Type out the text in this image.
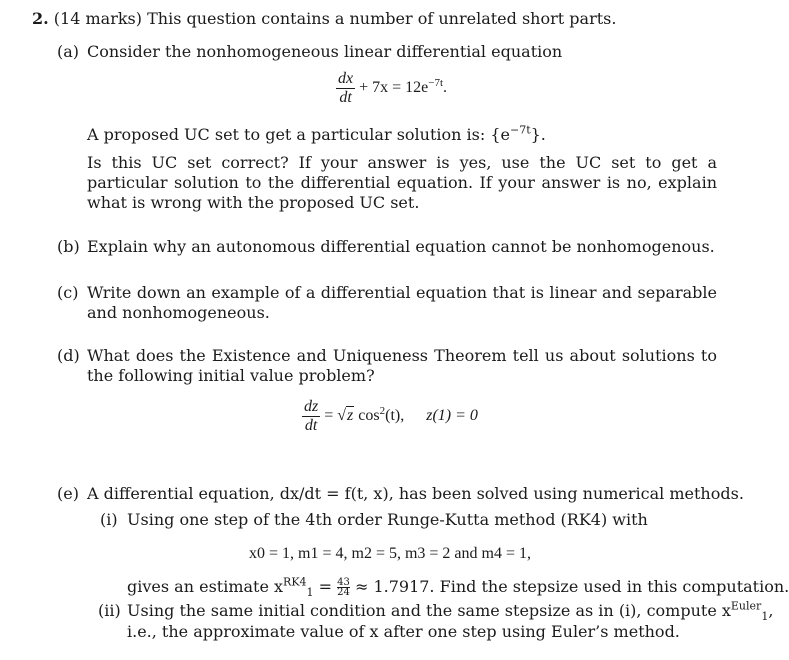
2. (14 marks) This question contains a number of unrelated short parts.
(a) Consider the nonhomogeneous linear differential equation
$\frac{dx}{dt} + 7x = 12e^{-7t}$.
A proposed UC set to get a particular solution is: $\{e^{-7t}\}$.
Is this UC set correct? If your answer is yes, use the UC set to get a particular solution to the differential equation. If your answer is no, explain what is wrong with the proposed UC set.
(b) Explain why an autonomous differential equation cannot be nonhomogenous.
(c) Write down an example of a differential equation that is linear and separable and nonhomogeneous.
(d) What does the Existence and Uniqueness Theorem tell us about solutions to the following initial value problem?
$\frac{dz}{dt} = √z$ $\cos^2(t)$, z(1) = 0
(e) A differential equation, dx/dt = f(t, x), has been solved using numerical methods.
(i) Using one step of the 4th order Runge-Kutta method (RK4) with
x0 = 1, m1 = 4, m2 = 5, m3 = 2 and m4 = 1,
gives an estimate $x^{RK4}_1 = \frac{43}{24} \approx 1.7917$. Find the stepsize used in this computation.
(ii) Using the same initial condition and the same stepsize as in (i), compute $x^{Euler}_1$,
i.e., the approximate value of x after one step using Euler’s method.
